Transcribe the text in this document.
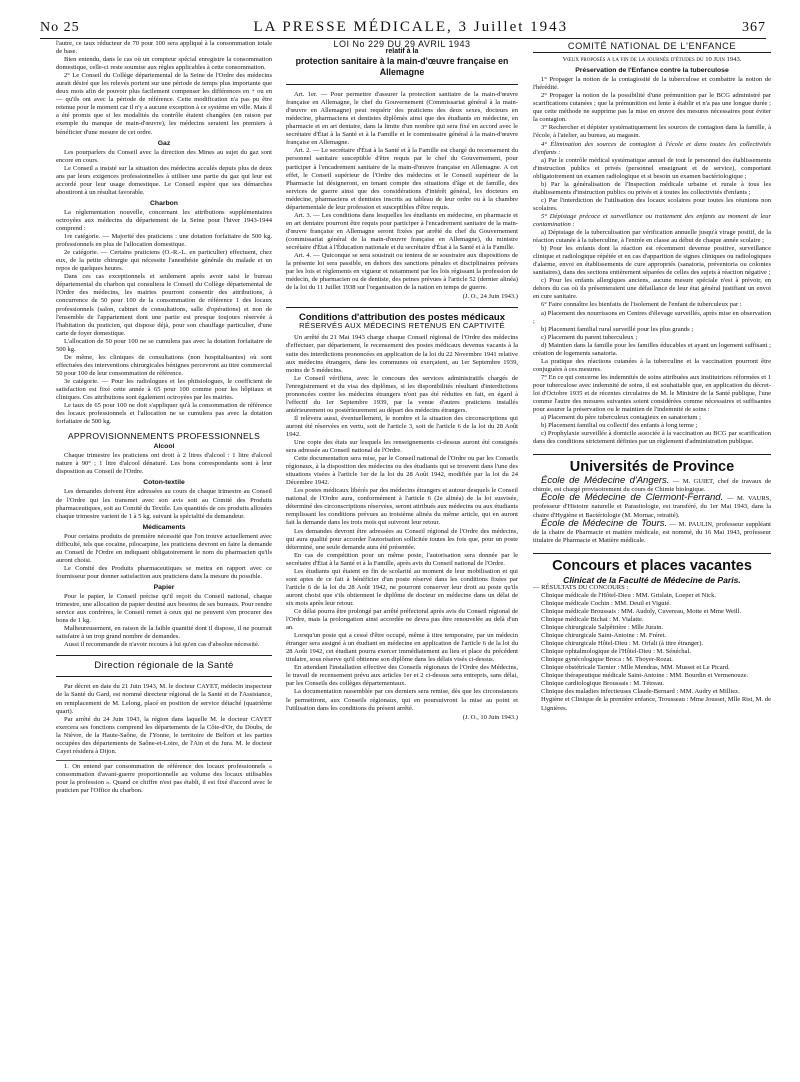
No 25	LA PRESSE MÉDICALE, 3 Juillet 1943	367

l'autre, ce taux réducteur de 70 pour 100 sera appliqué à la consommation totale de base.

Bien entendu, dans le cas où un compteur spécial enregistre la consommation domestique, celle-ci reste soumise aux règles applicables à cette consommation.

2° Le Conseil du Collège départemental de la Seine de l'Ordre des médecins aurait désiré que les relevés portent sur une période de temps plus importante que deux mois afin de pouvoir plus facilement compenser les différences en + ou en — qu'ils ont avec la période de référence. Cette modification n'a pas pu être retenue pour le moment car il n'y a aucune exception à ce système en ville. Mais il a été promis que si les modalités du contrôle étaient changées (en raison par exemple du manque de main-d'œuvre), les médecins seraient les premiers à bénéficier d'une mesure de cet ordre.

Gaz

Les pourparlers du Conseil avec la direction des Mines au sujet du gaz sont encore en cours.

Le Conseil a insisté sur la situation des médecins acculés depuis plus de deux ans par leurs exigences professionnelles à utiliser une partie du gaz qui leur est accordé pour leur usage domestique. Le Conseil espère que ses démarches aboutiront à un résultat favorable.

Charbon

La réglementation nouvelle, concernant les attributions supplémentaires octroyées aux médecins du département de la Seine pour l'hiver 1943-1944 comprend :

1re catégorie. — Majorité des praticiens : une dotation forfaitaire de 500 kg. professionnels en plus de l'allocation domestique.

2e catégorie. — Certains praticiens (O.-R.-L. en particulier) effectuent, chez eux, de la petite chirurgie qui nécessite l'anesthésie générale du malade et un repos de quelques heures.

Dans ces cas exceptionnels et seulement après avoir saisi le bureau départemental du charbon qui consultera le Conseil du Collège départemental de l'Ordre des médecins, les mairies pourront consentir des attributions, à concurrence de 50 pour 100 de la consommation de référence 1 des locaux professionnels (salon, cabinet de consultations, salle d'opérations) et non de l'ensemble de l'appartement dont une partie est presque toujours réservée à l'habitation du praticien, qui dispose déjà, pour son chauffage particulier, d'une carte de foyer domestique.

L'allocation de 50 pour 100 ne se cumulera pas avec la dotation forfaitaire de 500 kg.

De même, les cliniques de consultations (non hospitalisantes) où sont effectuées des interventions chirurgicales bénignes percevront au titre commercial 50 pour 100 de leur consommation de référence.

3e catégorie. — Pour les radiologues et les phtisiologues, le coefficient de satisfaction est fixé cette année à 65 pour 100 comme pour les hôpitaux et cliniques. Ces attributions sont également octroyées par les mairies.

Le taux de 65 pour 100 ne doit s'appliquer qu'à la consommation de référence des locaux professionnels et l'allocation ne se cumulera pas avec la dotation forfaitaire de 500 kg.

APPROVISIONNEMENTS PROFESSIONNELS
Alcool

Chaque trimestre les praticiens ont droit à 2 litres d'alcool : 1 litre d'alcool nature à 90° ; 1 litre d'alcool dénaturé. Les bons correspondants sont à leur disposition au Conseil de l'Ordre.

Coton-textile

Les demandes doivent être adressées au cours de chaque trimestre au Conseil de l'Ordre qui les transmet avec son avis soit au Comité des Produits pharmaceutiques, soit au Comité du Textile. Les quantités de ces produits allouées chaque trimestre varient de 1 à 5 kg. suivant la spécialité du demandeur.

Médicaments

Pour certains produits de première nécessité que l'on trouve actuellement avec difficulté, tels que cocaïne, pilocarpine, les praticiens devront en faire la demande au Conseil de l'Ordre en indiquant obligatoirement le nom du pharmacien qu'ils auront choisi.

Le Comité des Produits pharmaceutiques se mettra en rapport avec ce fournisseur pour donner satisfaction aux praticiens dans la mesure du possible.

Papier

Pour le papier, le Conseil précise qu'il reçoit du Conseil national, chaque trimestre, une allocation de papier destiné aux besoins de ses bureaux. Pour rendre service aux confrères, le Conseil remet à ceux qui ne peuvent s'en procurer des bons de 1 kg.

Malheureusement, en raison de la faible quantité dont il dispose, il ne pourrait satisfaire à un trop grand nombre de demandes.

Aussi il recommande de n'avoir recours à lui qu'en cas d'absolue nécessité.

Direction régionale de la Santé

Par décret en date du 21 Juin 1943, M. le docteur CAYET, médecin inspecteur de la Santé du Gard, est nommé directeur régional de la Santé et de l'Assistance, en remplacement de M. Lelong, placé en position de service détaché (quatrième quart).

Par arrêté du 24 Juin 1943, la région dans laquelle M. le docteur CAYET exercera ses fonctions comprend les départements de la Côte-d'Or, du Doubs, de la Nièvre, de la Haute-Saône, de l'Yonne, le territoire de Belfort et les parties occupées des départements de Saône-et-Loire, de l'Ain et du Jura. M. le docteur Cayet résidera à Dijon.

1. On entend par consommation de référence des locaux professionnels « consommation d'avant-guerre proportionnelle au volume des locaux utilisables pour la profession ». Quand ce chiffre n'est pas établi, il est fixé d'accord avec le praticien par l'Office du charbon.

LOI No 229 DU 29 AVRIL 1943
relatif à la
protection sanitaire à la main-d'œuvre française en Allemagne

Art. 1er. — Pour permettre d'assurer la protection sanitaire de la main-d'œuvre française en Allemagne, le chef du Gouvernement (Commissariat général à la main-d'œuvre en Allemagne) peut requérir des praticiens des deux sexes, docteurs en médecine, pharmaciens et dentistes diplômés ainsi que des étudiants en médecine, en pharmacie et en art dentaire, dans la limite d'un nombre qui sera fixé en accord avec le secrétaire d'État à la Santé et à la Famille et le commissaire général à la main-d'œuvre française en Allemagne.

Art. 2. — Le secrétaire d'État à la Santé et à la Famille est chargé du recensement du personnel sanitaire susceptible d'être requis par le chef du Gouvernement, pour participer à l'encadrement sanitaire de la main-d'œuvre française en Allemagne. A cet effet, le Conseil supérieur de l'Ordre des médecins et le Conseil supérieur de la Pharmacie lui désigneront, en tenant compte des situations d'âge et de famille, des services de guerre ainsi que des considérations d'intérêt général, les docteurs en médecine, pharmaciens et dentistes inscrits au tableau de leur ordre ou à la chambre départementale de leur profession et susceptibles d'être requis.

Art. 3. — Les conditions dans lesquelles les étudiants en médecine, en pharmacie et en art dentaire pourront être requis pour participer à l'encadrement sanitaire de la main-d'œuvre française en Allemagne seront fixées par arrêté du chef du Gouvernement (commissariat général de la main-d'œuvre française en Allemagne), du ministre secrétaire d'État à l'Éducation nationale et du secrétaire d'État à la Santé et à la Famille.

Art. 4. — Quiconque se sera soustrait ou tentera de se soustraire aux dispositions de la présente loi sera passible, en dehors des sanctions pénales et disciplinaires prévues par les lois et règlements en vigueur et notamment par les lois régissant la profession de médecin, de pharmacien ou de dentiste, des peines prévues à l'article 52 (dernier alinéa) de la loi du 11 Juillet 1938 sur l'organisation de la nation en temps de guerre.

(J. O., 24 Juin 1943.)
Conditions d'attribution des postes médicaux
RÉSERVÉS AUX MÉDECINS RETENUS EN CAPTIVITÉ

Un arrêté du 21 Mai 1943 charge chaque Conseil régional de l'Ordre des médecins d'effectuer, par département, le recensement des postes médicaux devenus vacants à la suite des interdictions prononcées en application de la loi du 22 Novembre 1941 relative aux médecins étrangers, dans les communes où exerçaient, au 1er Septembre 1939, moins de 5 médecins.

Le Conseil vérifiera, avec le concours des services administratifs chargés de l'enregistrement et du visa des diplômes, si les disponibilités résultant d'interdictions prononcées contre les médecins étrangers n'ont pas été réduites en fait, en égard à l'effectif du 1er Septembre 1939, par la venue d'autres praticiens installés antérieurement ou postérieurement au départ des médecins étrangers.

Il relèvera aussi, éventuellement, le nombre et la situation des circonscriptions qui auront été réservées en vertu, soit de l'article 3, soit de l'article 6 de la loi du 28 Août 1942.

Une copie des états sur lesquels les renseignements ci-dessus auront été consignés sera adressée au Conseil national de l'Ordre.

Cette documentation sera mise, par le Conseil national de l'Ordre ou par les Conseils régionaux, à la disposition des médecins ou des étudiants qui se trouvent dans l'une des situations visées à l'article 1er de la loi du 28 Août 1942, modifiée par la loi du 24 Décembre 1942.

Les postes médicaux libérés par des médecins étrangers et autour desquels le Conseil national de l'Ordre aura, conformément à l'article 6 (2e alinéa) de la loi susvisée, déterminé des circonscriptions réservées, seront attribués aux médecins ou aux étudiants remplissant les conditions prévues au troisième alinéa du même article, qui en auront fait la demande dans les trois mois qui suivront leur retour.

Les demandes devront être adressées au Conseil régional de l'Ordre des médecins, qui aura qualité pour accorder l'autorisation sollicitée toutes les fois que, pour un poste déterminé, une seule demande aura été présentée.

En cas de compétition pour un même poste, l'autorisation sera donnée par le secrétaire d'État à la Santé et à la Famille, après avis du Conseil national de l'Ordre.

Les étudiants qui étaient en fin de scolarité au moment de leur mobilisation et qui sont aptes de ce fait à bénéficier d'un poste réservé dans les conditions fixées par l'article 6 de la loi du 28 Août 1942, ne pourront conserver leur droit au poste qu'ils auront choisi que s'ils obtiennent le diplôme de docteur en médecine dans un délai de six mois après leur retour.

Ce délai pourra être prolongé par arrêté préfectoral après avis du Conseil régional de l'Ordre, mais la prolongation ainsi accordée ne devra pas être renouvelée au delà d'un an.

Lorsqu'un poste qui a cessé d'être occupé, même à titre temporaire, par un médecin étranger sera assigné à un étudiant en médecine en application de l'article 6 de la loi du 28 Août 1942, cet étudiant pourra exercer immédiatement au lieu et place du précédent titulaire, sous réserve qu'il obtienne son diplôme dans les délais visés ci-dessus.

En attendant l'installation effective des Conseils régionaux de l'Ordre des Médecins, le travail de recensement prévu aux articles 1er et 2 ci-dessus sera entrepris, sans délai, par les Conseils des collèges départementaux.

La documentation rassemblée par ces derniers sera remise, dès que les circonstances le permettront, aux Conseils régionaux, qui en poursuivront la mise au point et l'utilisation dans les conditions du présent arrêté.

(J. O., 10 Juin 1943.)
COMITÉ NATIONAL DE L'ENFANCE
Vœux proposés a la fin de la journée d'études du 10 Juin 1943.
Préservation de l'Enfance contre la tuberculose

1° Propager la notion de la contagiosité de la tuberculose et combattre la notion de l'hérédité.

2° Propager la notion de la possibilité d'une prémunition par le BCG administré par scarifications cutanées ; que la prémunition est lente à établir et n'a pas une longue durée ; que cette méthode ne supprime pas la mise en œuvre des mesures nécessaires pour éviter la contagion.

3° Rechercher et dépister systématiquement les sources de contagion dans la famille, à l'école, à l'atelier, au bureau, au magasin.

4° Élimination des sources de contagion à l'école et dans toutes les collectivités d'enfants :

a) Par le contrôle médical systématique annuel de tout le personnel des établissements d'instruction publics et privés (personnel enseignant et de service), comportant obligatoirement un examen radiologique et si besoin un examen bactériologique ;

b) Par la généralisation de l'Inspection médicale urbaine et rurale à tous les établissements d'instruction publics ou privés et à toutes les collectivités d'enfants ;

c) Par l'interdiction de l'utilisation des locaux scolaires pour toutes les réunions non scolaires.

5° Dépistage précoce et surveillance ou traitement des enfants au moment de leur contamination :

a) Dépistage de la tuberculisation par vérification annuelle jusqu'à virage positif, de la réaction cutanée à la tuberculine, à l'entrée en classe au début de chaque année scolaire ;

b) Pour les enfants dont la réaction est récemment devenue positive, surveillance clinique et radiologique répétée et en cas d'apparition de signes cliniques ou radiologiques d'alarme, envoi en établissements de cure appropriés (sanatoria, préventoria ou colonies sanitaires), dans des sections entièrement séparées de celles des sujets à réaction négative ;

c) Pour les enfants allergiques anciens, aucune mesure spéciale n'est à prévoir, en dehors du cas où ils présenteraient une défaillance de leur état général justifiant un envoi en cure sanitaire.

6° Faire connaître les bienfaits de l'isolement de l'enfant de tuberculeux par :

a) Placement des nourrissons en Centres d'élevage surveillés, après mise en observation ;

b) Placement familial rural surveillé pour les plus grands ;

c) Placement du parent tuberculeux ;

d) Maintien dans la famille pour les familles éducables et ayant un logement suffisant ; création de logements sanatoria.

La pratique des réactions cutanées à la tuberculine et la vaccination pourront être conjuguées à ces mesures.

7° En ce qui concerne les indemnités de soins attribuées aux institutrices réformées et 1 pour tuberculose avec indemnité de soins, il est souhaitable que, en application du décret-loi d'Octobre 1935 et de récentes circulaires de M. le Ministre de la Santé publique, l'une comme l'autre des mesures suivantes soient considérées comme nécessaires et suffisantes pour assurer la préservation ou le maintien de l'indemnité de soins :

a) Placement du père tuberculeux contagieux en sanatorium ;

b) Placement familial ou collectif des enfants à long terme ;

c) Prophylaxie surveillée à domicile associée à la vaccination au BCG par scarification dans des conditions strictement définies par un règlement d'administration publique.

Universités de Province

École de Médecine d'Angers. — M. GUIET, chef de travaux de chimie, est chargé provisoirement du cours de Chimie biologique.

École de Médecine de Clermont-Ferrand. — M. VAURS, professeur d'Histoire naturelle et Parasitologie, est transféré, du 1er Mai 1943, dans la chaire d'Hygiène et Bactériologie (M. Mornac, retraité).

École de Médecine de Tours. — M. PAULIN, professeur suppléant de la chaire de Pharmacie et matière médicale, est nommé, du 16 Mai 1943, professeur titulaire de Pharmacie et Matière médicale.

Concours et places vacantes
Clinicat de la Faculté de Médecine de Paris.

— RÉSULTATS DU CONCOURS :

Clinique médicale de l'Hôtel-Dieu : MM. Grislain, Loeper et Nick.

Clinique médicale Cochin : MM. Deuil et Viguié.

Clinique médicale Broussais : MM. Audoly, Cuvereau, Motte et Mme Weill.

Clinique médicale Bichat : M. Vialatte.

Clinique chirurgicale Salpêtrière : Mlle Jurain.

Clinique chirurgicale Saint-Antoine : M. Fréret.

Clinique chirurgicale Hôtel-Dieu : M. Orfali (à titre étranger).

Clinique ophtalmologique de l'Hôtel-Dieu : M. Sénéchal.

Clinique gynécologique Broca : M. Thoyer-Rozat.

Clinique obstétricale Tarnier : Mlle Mendras, MM. Musset et Le Picard.

Clinique thérapeutique médicale Saint-Antoine : MM. Bourdin et Vermenouze.

Clinique cardiologique Broussais : M. Tétreau.

Clinique des maladies infectieuses Claude-Bernard : MM. Audry et Milliez.

Hygiène et Clinique de la première enfance, Trousseau : Mme Jousset, Mlle Rist, M. de Lignières.
